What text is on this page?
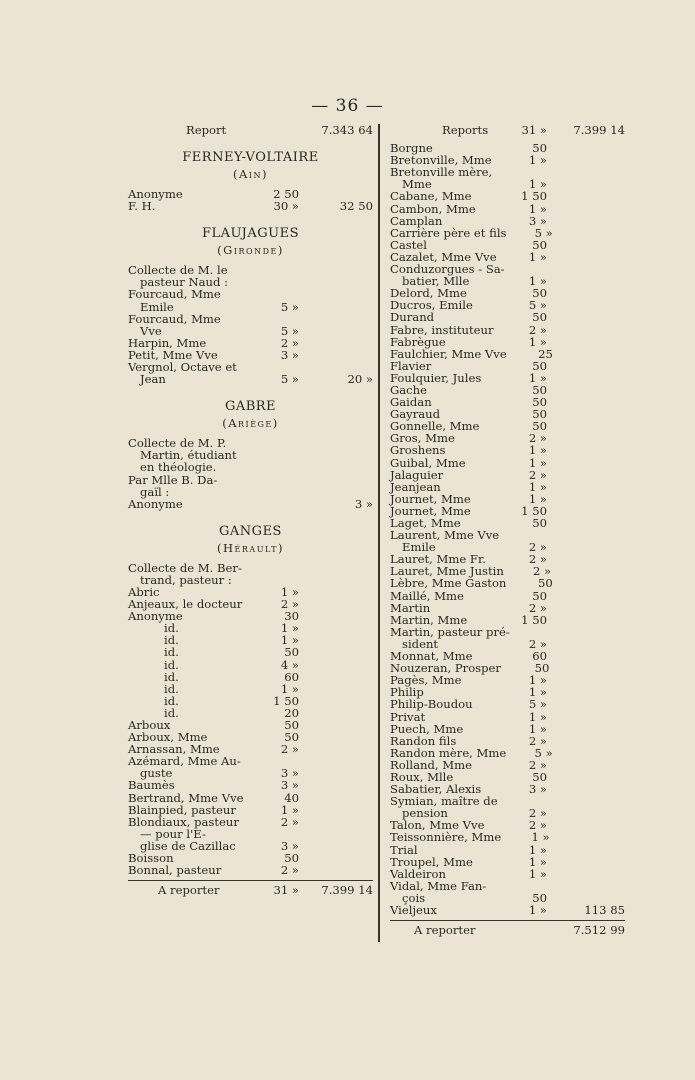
— 36 —
Report	7.343 64
FERNEY-VOLTAIRE
(Ain)
Anonyme	2 50
F. H.	30 »	32 50
FLAUJAGUES
(Gironde)
Collecte de M. le
pasteur Naud :
Fourcaud, Mme
Emile	5 »
Fourcaud, Mme
Vve	5 »
Harpin, Mme	2 »
Petit, Mme Vve	3 »
Vergnol, Octave et
Jean	5 »	20 »
GABRE
(Ariège)
Collecte de M. P.
Martin, étudiant
en théologie.
Par Mlle B. Da-
gaïl :
Anonyme	3 »
GANGES
(Hérault)
Collecte de M. Ber-
trand, pasteur :
Abric	1 »
Anjeaux, le docteur	2 »
Anonyme	30
id.	1 »
id.	1 »
id.	50
id.	4 »
id.	60
id.	1 »
id.	1 50
id.	20
Arboux	50
Arboux, Mme	50
Arnassan, Mme	2 »
Azémard, Mme Au-
guste	3 »
Baumès	3 »
Bertrand, Mme Vve	40
Blainpied, pasteur	1 »
Blondiaux, pasteur	2 »
— pour l'E-
glise de Cazillac	3 »
Boisson	50
Bonnal, pasteur	2 »
A reporter	31 »	7.399 14
Reports	31 »	7.399 14
Borgne	50
Bretonville, Mme	1 »
Bretonville mère,
Mme	1 »
Cabane, Mme	1 50
Cambon, Mme	1 »
Camplan	3 »
Carrière père et fils	5 »
Castel	50
Cazalet, Mme Vve	1 »
Conduzorgues - Sa-
batier, Mlle	1 »
Delord, Mme	50
Ducros, Emile	5 »
Durand	50
Fabre, instituteur	2 »
Fabrègue	1 »
Faulchier, Mme Vve	25
Flavier	50
Foulquier, Jules	1 »
Gache	50
Gaidan	50
Gayraud	50
Gonnelle, Mme	50
Gros, Mme	2 »
Groshens	1 »
Guibal, Mme	1 »
Jalaguier	2 »
Jeanjean	1 »
Journet, Mme	1 »
Journet, Mme	1 50
Laget, Mme	50
Laurent, Mme Vve
Emile	2 »
Lauret, Mme Fr.	2 »
Lauret, Mme Justin	2 »
Lèbre, Mme Gaston	50
Maillé, Mme	50
Martin	2 »
Martin, Mme	1 50
Martin, pasteur pré-
sident	2 »
Monnat, Mme	60
Nouzeran, Prosper	50
Pagès, Mme	1 »
Philip	1 »
Philip-Boudou	5 »
Privat	1 »
Puech, Mme	1 »
Randon fils	2 »
Randon mère, Mme	5 »
Rolland, Mme	2 »
Roux, Mlle	50
Sabatier, Alexis	3 »
Symian, maître de
pension	2 »
Talon, Mme Vve	2 »
Teissonnière, Mme	1 »
Trial	1 »
Troupel, Mme	1 »
Valdeiron	1 »
Vidal, Mme Fan-
çois	50
Vieljeux	1 »	113 85
A reporter	7.512 99
